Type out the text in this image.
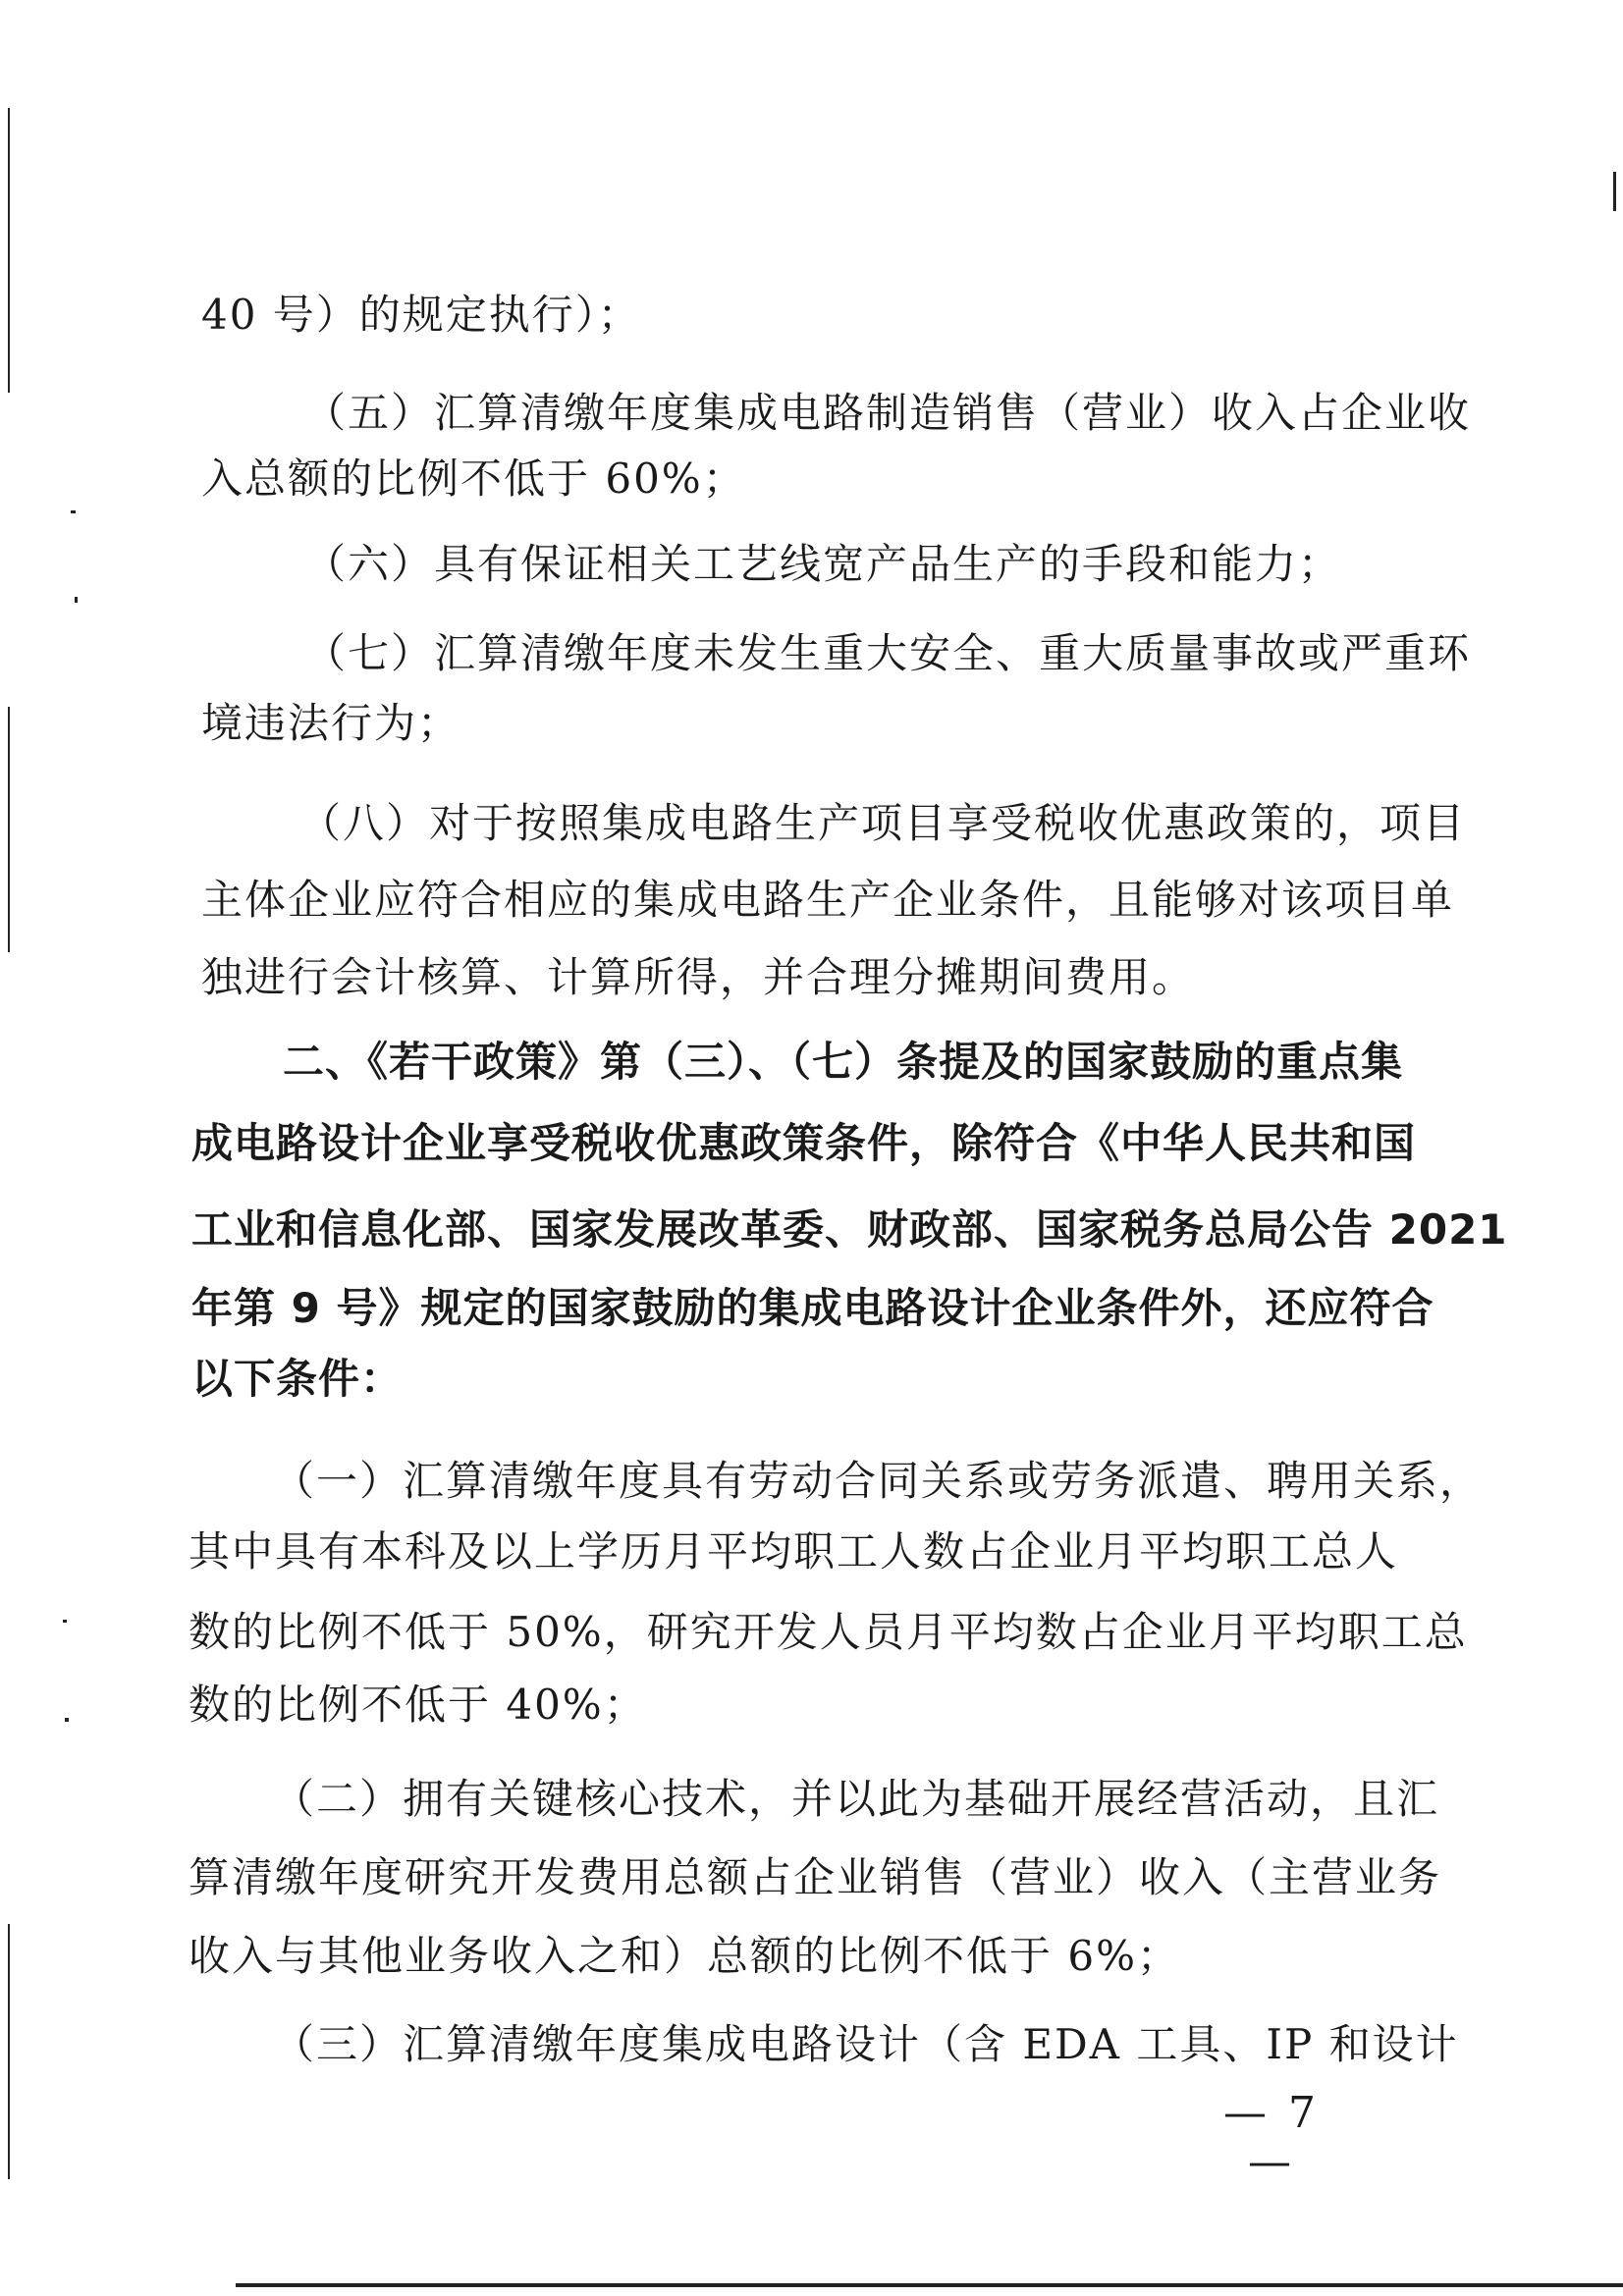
40 号）的规定执行）；
（五）汇算清缴年度集成电路制造销售（营业）收入占企业收
入总额的比例不低于 60%；
（六）具有保证相关工艺线宽产品生产的手段和能力；
（七）汇算清缴年度未发生重大安全、重大质量事故或严重环
境违法行为；
（八）对于按照集成电路生产项目享受税收优惠政策的，项目
主体企业应符合相应的集成电路生产企业条件，且能够对该项目单
独进行会计核算、计算所得，并合理分摊期间费用。
二、《若干政策》第（三）、（七）条提及的国家鼓励的重点集
成电路设计企业享受税收优惠政策条件，除符合《中华人民共和国
工业和信息化部、国家发展改革委、财政部、国家税务总局公告 2021
年第 9 号》规定的国家鼓励的集成电路设计企业条件外，还应符合
以下条件：
（一）汇算清缴年度具有劳动合同关系或劳务派遣、聘用关系，
其中具有本科及以上学历月平均职工人数占企业月平均职工总人
数的比例不低于 50%，研究开发人员月平均数占企业月平均职工总
数的比例不低于 40%；
（二）拥有关键核心技术，并以此为基础开展经营活动，且汇
算清缴年度研究开发费用总额占企业销售（营业）收入（主营业务
收入与其他业务收入之和）总额的比例不低于 6%；
（三）汇算清缴年度集成电路设计（含 EDA 工具、IP 和设计
— 7 —
